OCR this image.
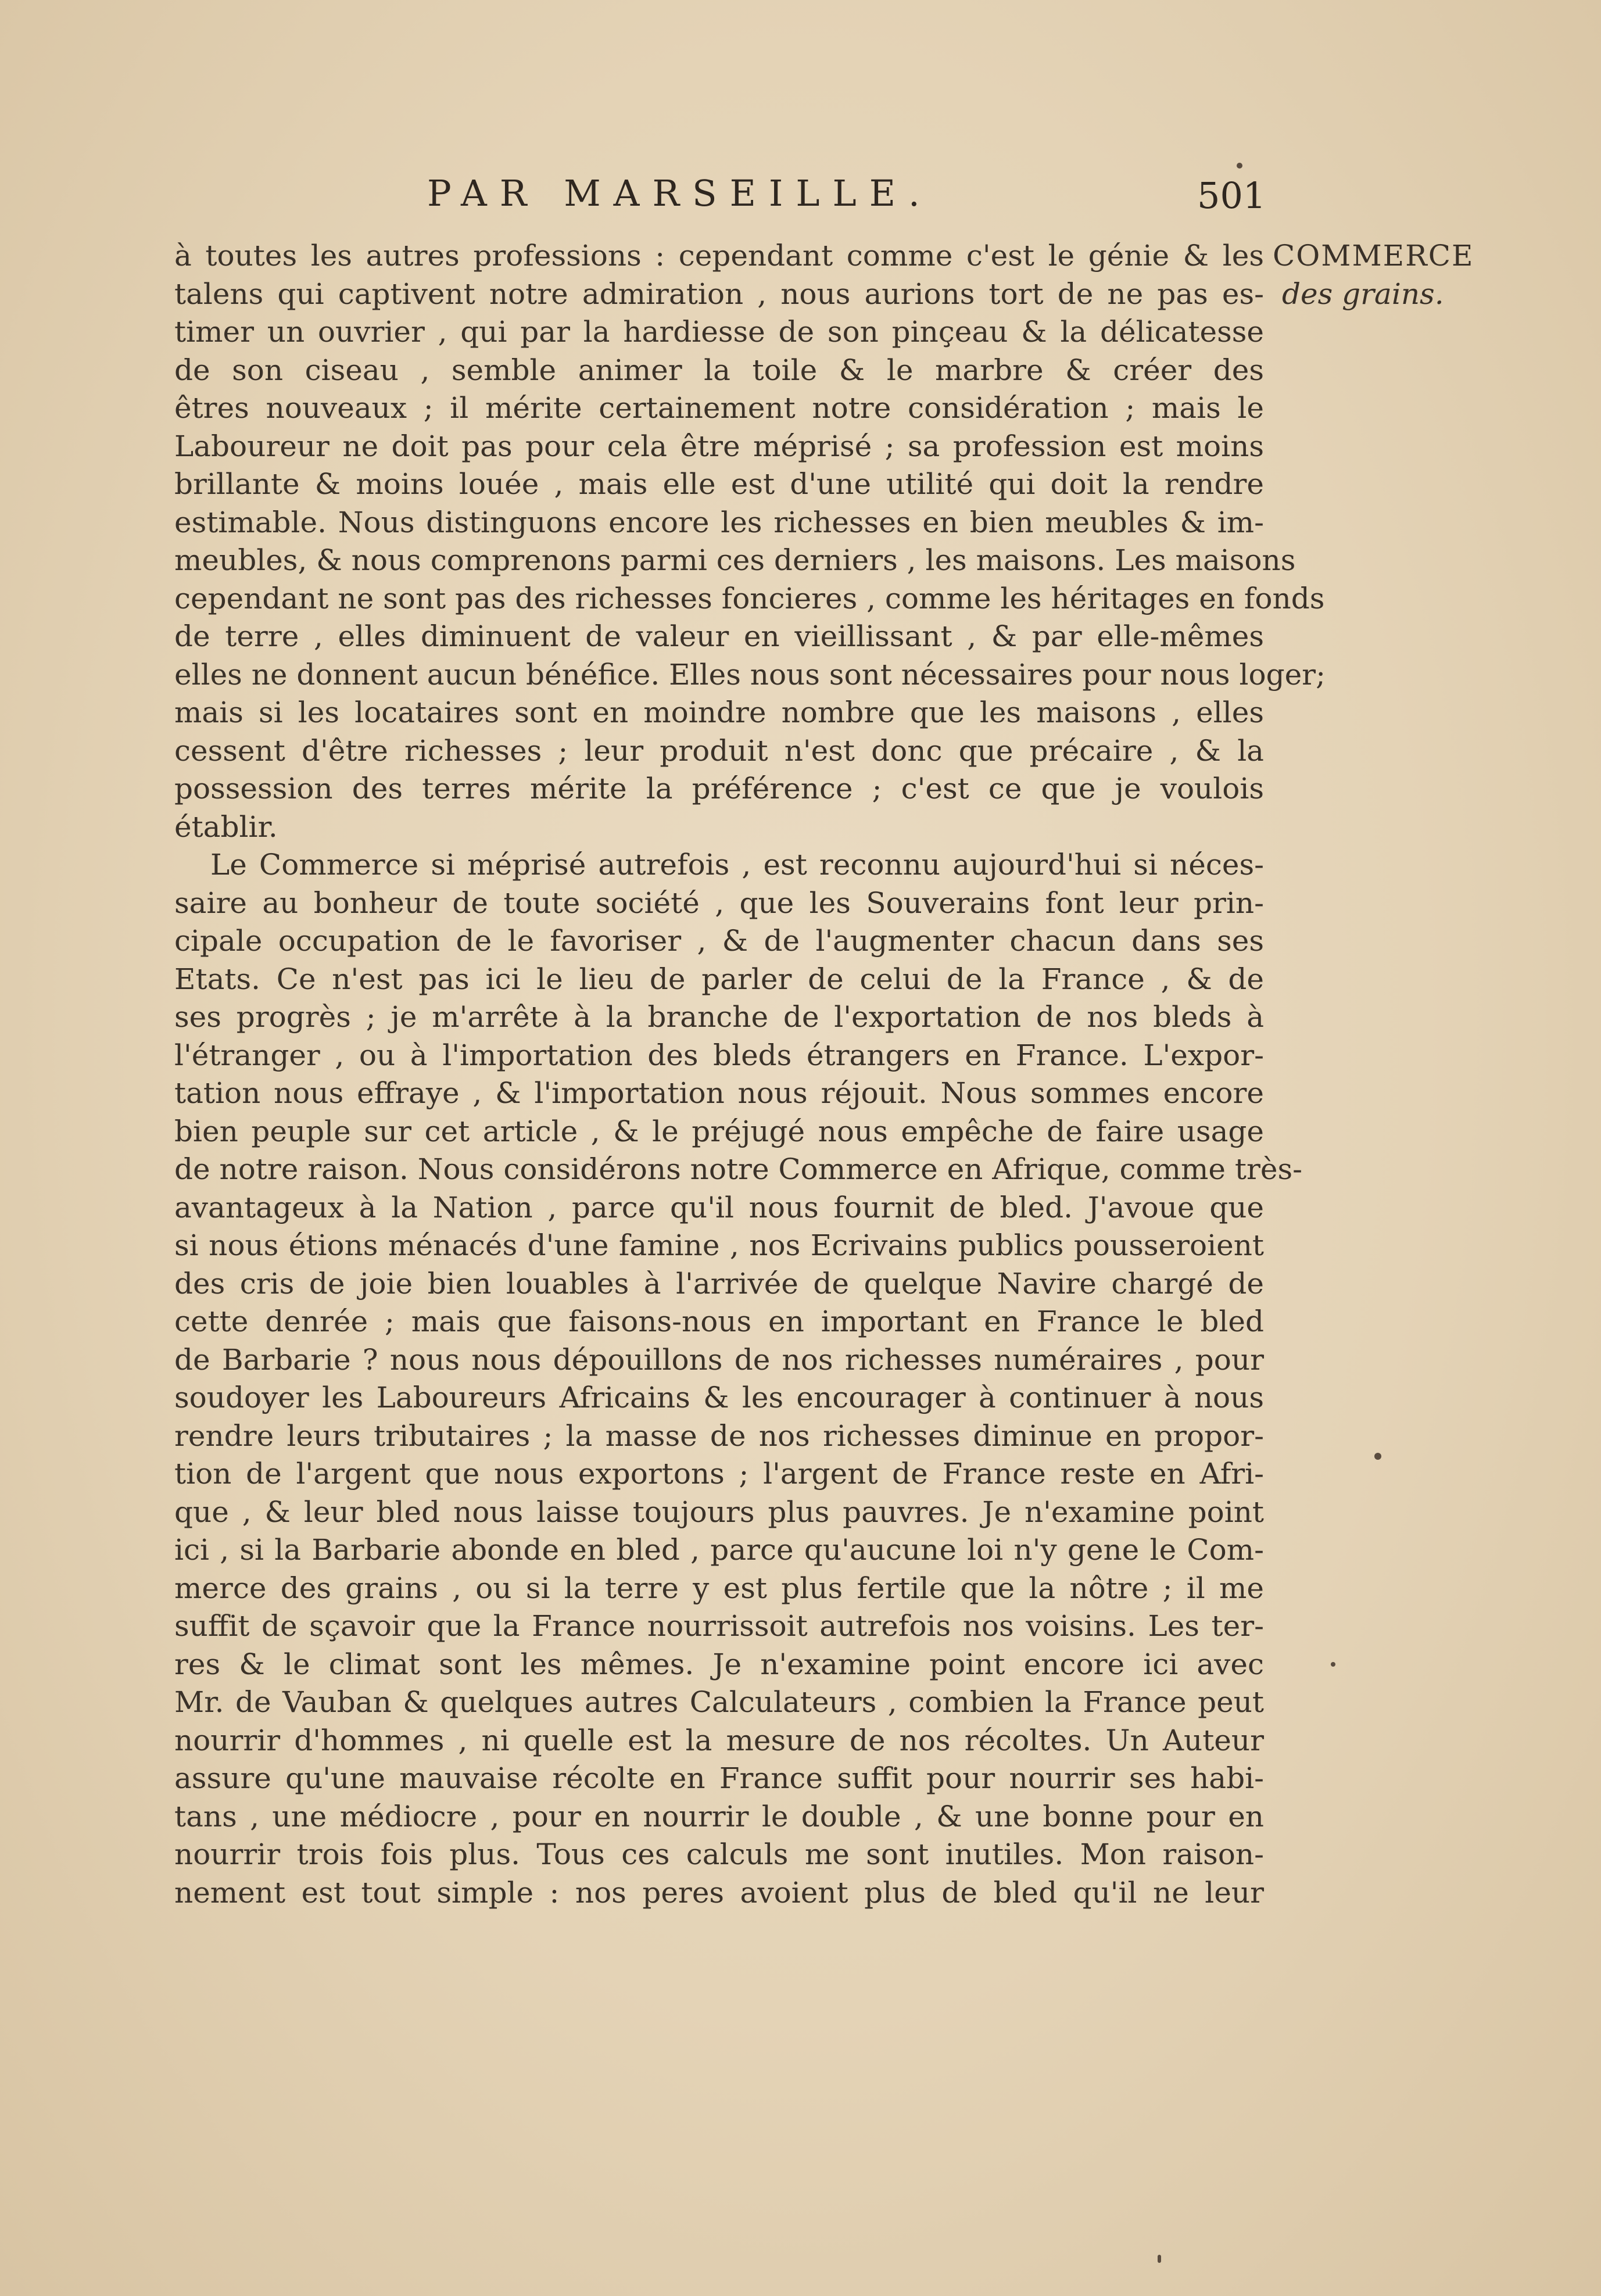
PAR MARSEILLE.	501
COMMERCE
des grains.
à toutes les autres professions : cependant comme c'est le génie & les
talens qui captivent notre admiration , nous aurions tort de ne pas es-
timer un ouvrier , qui par la hardiesse de son pinçeau & la délicatesse
de son ciseau , semble animer la toile & le marbre & créer des
êtres nouveaux ; il mérite certainement notre considération ; mais le
Laboureur ne doit pas pour cela être méprisé ; sa profession est moins
brillante & moins louée , mais elle est d'une utilité qui doit la rendre
estimable. Nous distinguons encore les richesses en bien meubles & im-
meubles, & nous comprenons parmi ces derniers , les maisons. Les maisons
cependant ne sont pas des richesses foncieres , comme les héritages en fonds
de terre , elles diminuent de valeur en vieillissant , & par elle-mêmes
elles ne donnent aucun bénéfice. Elles nous sont nécessaires pour nous loger;
mais si les locataires sont en moindre nombre que les maisons , elles
cessent d'être richesses ; leur produit n'est donc que précaire , & la
possession des terres mérite la préférence ; c'est ce que je voulois
établir.
Le Commerce si méprisé autrefois , est reconnu aujourd'hui si néces-
saire au bonheur de toute société , que les Souverains font leur prin-
cipale occupation de le favoriser , & de l'augmenter chacun dans ses
Etats. Ce n'est pas ici le lieu de parler de celui de la France , & de
ses progrès ; je m'arrête à la branche de l'exportation de nos bleds à
l'étranger , ou à l'importation des bleds étrangers en France. L'expor-
tation nous effraye , & l'importation nous réjouit. Nous sommes encore
bien peuple sur cet article , & le préjugé nous empêche de faire usage
de notre raison. Nous considérons notre Commerce en Afrique, comme très-
avantageux à la Nation , parce qu'il nous fournit de bled. J'avoue que
si nous étions ménacés d'une famine , nos Ecrivains publics pousseroient
des cris de joie bien louables à l'arrivée de quelque Navire chargé de
cette denrée ; mais que faisons-nous en important en France le bled
de Barbarie ? nous nous dépouillons de nos richesses numéraires , pour
soudoyer les Laboureurs Africains & les encourager à continuer à nous
rendre leurs tributaires ; la masse de nos richesses diminue en propor-
tion de l'argent que nous exportons ; l'argent de France reste en Afri-
que , & leur bled nous laisse toujours plus pauvres. Je n'examine point
ici , si la Barbarie abonde en bled , parce qu'aucune loi n'y gene le Com-
merce des grains , ou si la terre y est plus fertile que la nôtre ; il me
suffit de sçavoir que la France nourrissoit autrefois nos voisins. Les ter-
res & le climat sont les mêmes. Je n'examine point encore ici avec
Mr. de Vauban & quelques autres Calculateurs , combien la France peut
nourrir d'hommes , ni quelle est la mesure de nos récoltes. Un Auteur
assure qu'une mauvaise récolte en France suffit pour nourrir ses habi-
tans , une médiocre , pour en nourrir le double , & une bonne pour en
nourrir trois fois plus. Tous ces calculs me sont inutiles. Mon raison-
nement est tout simple : nos peres avoient plus de bled qu'il ne leur
